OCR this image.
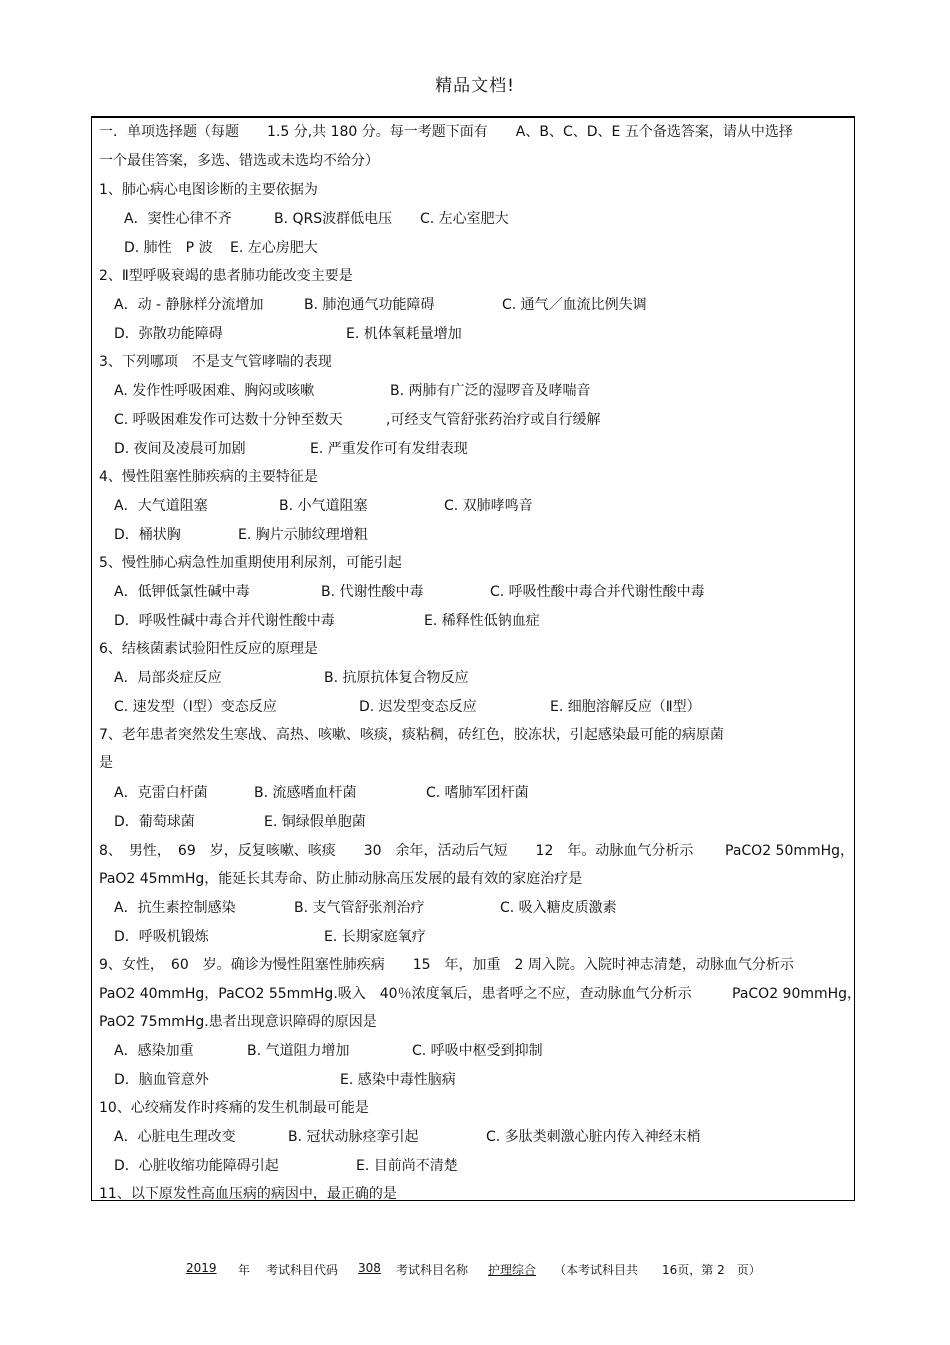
精品文档!
一．单项选择题（每题　　1.5 分,共 180 分。每一考题下面有　　A、B、C、D、E 五个备选答案，请从中选择
一个最佳答案，多选、错选或未选均不给分）
1、肺心病心电图诊断的主要依据为
A．窦性心律不齐	B. QRS波群低电压 C. 左心室肥大
D. 肺性　P 波 E. 左心房肥大
2、Ⅱ型呼吸衰竭的患者肺功能改变主要是
A．动 - 静脉样分流增加	B. 肺泡通气功能障碍	C. 通气／血流比例失调
D．弥散功能障碍	E. 机体氧耗量增加
3、下列哪项　不是支气管哮喘的表现
A. 发作性呼吸困难、胸闷或咳嗽	B. 两肺有广泛的湿啰音及哮喘音
C. 呼吸困难发作可达数十分钟至数天	,可经支气管舒张药治疗或自行缓解
D. 夜间及凌晨可加剧	E. 严重发作可有发绀表现
4、慢性阻塞性肺疾病的主要特征是
A．大气道阻塞	B. 小气道阻塞	C. 双肺哮鸣音
D．桶状胸	E. 胸片示肺纹理增粗
5、慢性肺心病急性加重期使用利尿剂，可能引起
A．低钾低氯性碱中毒	B. 代谢性酸中毒	C. 呼吸性酸中毒合并代谢性酸中毒
D．呼吸性碱中毒合并代谢性酸中毒	E. 稀释性低钠血症
6、结核菌素试验阳性反应的原理是
A．局部炎症反应	B. 抗原抗体复合物反应
C. 速发型（Ⅰ型）变态反应	D. 迟发型变态反应	E. 细胞溶解反应（Ⅱ型）
7、老年患者突然发生寒战、高热、咳嗽、咳痰，痰粘稠，砖红色，胶冻状，引起感染最可能的病原菌
是
A．克雷白杆菌	B. 流感嗜血杆菌	C. 嗜肺军团杆菌
D．葡萄球菌	E. 铜绿假单胞菌
8、　男性，　69　岁，反复咳嗽、咳痰　　30　余年，活动后气短　　12　年。动脉血气分析示 PaCO2 50mmHg，
PaO2 45mmHg，能延长其寿命、防止肺动脉高压发展的最有效的家庭治疗是
A．抗生素控制感染	B. 支气管舒张剂治疗	C. 吸入糖皮质激素
D．呼吸机锻炼	E. 长期家庭氧疗
9、女性，　60　岁。确诊为慢性阻塞性肺疾病　　15　年，加重　2 周入院。入院时神志清楚，动脉血气分析示
PaO2 40mmHg，PaCO2 55mmHg.吸入　40％浓度氧后，患者呼之不应，查动脉血气分析示	PaCO2 90mmHg，
PaO2 75mmHg.患者出现意识障碍的原因是
A．感染加重	B. 气道阻力增加	C. 呼吸中枢受到抑制
D．脑血管意外	E. 感染中毒性脑病
10、心绞痛发作时疼痛的发生机制最可能是
A．心脏电生理改变	B. 冠状动脉痉挛引起	C. 多肽类刺激心脏内传入神经末梢
D．心脏收缩功能障碍引起	E. 目前尚不清楚
11、以下原发性高血压病的病因中，最正确的是
2019 年 考试科目代码 308 考试科目名称 护理综合 （本考试科目共　　16页，第 2　页）
